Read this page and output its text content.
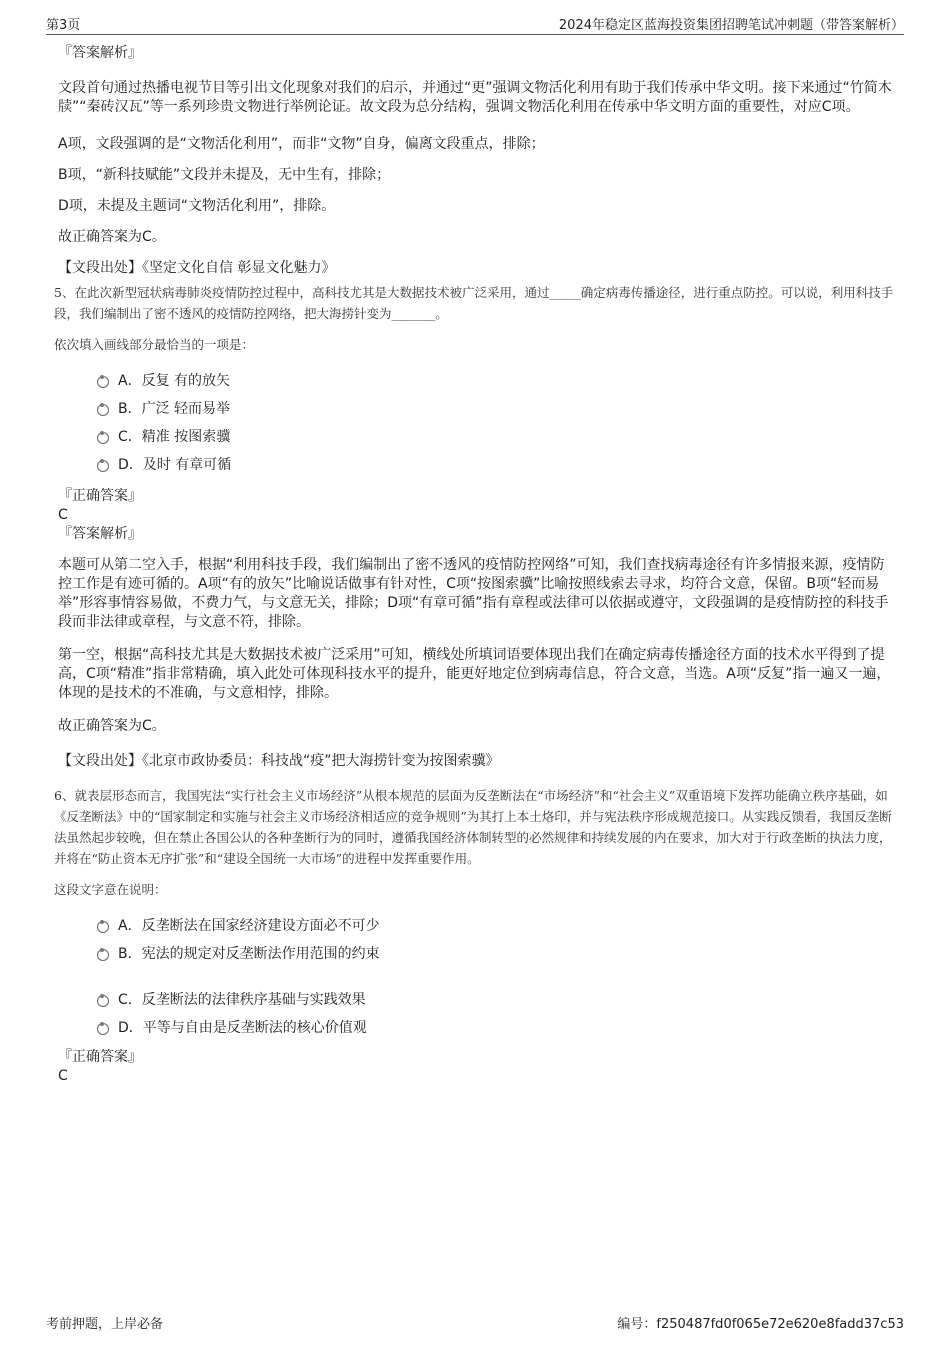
第3页	2024年稳定区蓝海投资集团招聘笔试冲刺题（带答案解析）

『答案解析』

文段首句通过热播电视节目等引出文化现象对我们的启示，并通过“更”强调文物活化利用有助于我们传承中华文明。接下来通过“竹简木牍”“秦砖汉瓦”等一系列珍贵文物进行举例论证。故文段为总分结构，强调文物活化利用在传承中华文明方面的重要性，对应C项。

A项，文段强调的是“文物活化利用”，而非“文物”自身，偏离文段重点，排除；

B项，“新科技赋能”文段并未提及，无中生有，排除；

D项，未提及主题词“文物活化利用”，排除。

故正确答案为C。

【文段出处】《坚定文化自信 彰显文化魅力》

5、在此次新型冠状病毒肺炎疫情防控过程中，高科技尤其是大数据技术被广泛采用，通过_____确定病毒传播途径，进行重点防控。可以说，利用科技手段，我们编制出了密不透风的疫情防控网络，把大海捞针变为_______。

依次填入画线部分最恰当的一项是：

A．反复 有的放矢
B．广泛 轻而易举
C．精准 按图索骥
D．及时 有章可循

『正确答案』

C

『答案解析』

本题可从第二空入手，根据“利用科技手段，我们编制出了密不透风的疫情防控网络”可知，我们查找病毒途径有许多情报来源，疫情防控工作是有迹可循的。A项“有的放矢”比喻说话做事有针对性，C项“按图索骥”比喻按照线索去寻求，均符合文意，保留。B项“轻而易举”形容事情容易做，不费力气，与文意无关，排除；D项“有章可循”指有章程或法律可以依据或遵守，文段强调的是疫情防控的科技手段而非法律或章程，与文意不符，排除。

第一空，根据“高科技尤其是大数据技术被广泛采用”可知，横线处所填词语要体现出我们在确定病毒传播途径方面的技术水平得到了提高，C项“精准”指非常精确，填入此处可体现科技水平的提升，能更好地定位到病毒信息，符合文意，当选。A项“反复”指一遍又一遍，体现的是技术的不准确，与文意相悖，排除。

故正确答案为C。

【文段出处】《北京市政协委员：科技战“疫”把大海捞针变为按图索骥》

6、就表层形态而言，我国宪法“实行社会主义市场经济”从根本规范的层面为反垄断法在“市场经济”和“社会主义”双重语境下发挥功能确立秩序基础，如《反垄断法》中的“国家制定和实施与社会主义市场经济相适应的竞争规则”为其打上本土烙印，并与宪法秩序形成规范接口。从实践反馈看，我国反垄断法虽然起步较晚，但在禁止各国公认的各种垄断行为的同时，遵循我国经济体制转型的必然规律和持续发展的内在要求，加大对于行政垄断的执法力度，并将在“防止资本无序扩张”和“建设全国统一大市场”的进程中发挥重要作用。

这段文字意在说明：

A．反垄断法在国家经济建设方面必不可少
B．宪法的规定对反垄断法作用范围的约束
C．反垄断法的法律秩序基础与实践效果
D．平等与自由是反垄断法的核心价值观

『正确答案』

C

考前押题，上岸必备	编号：f250487fd0f065e72e620e8fadd37c53
